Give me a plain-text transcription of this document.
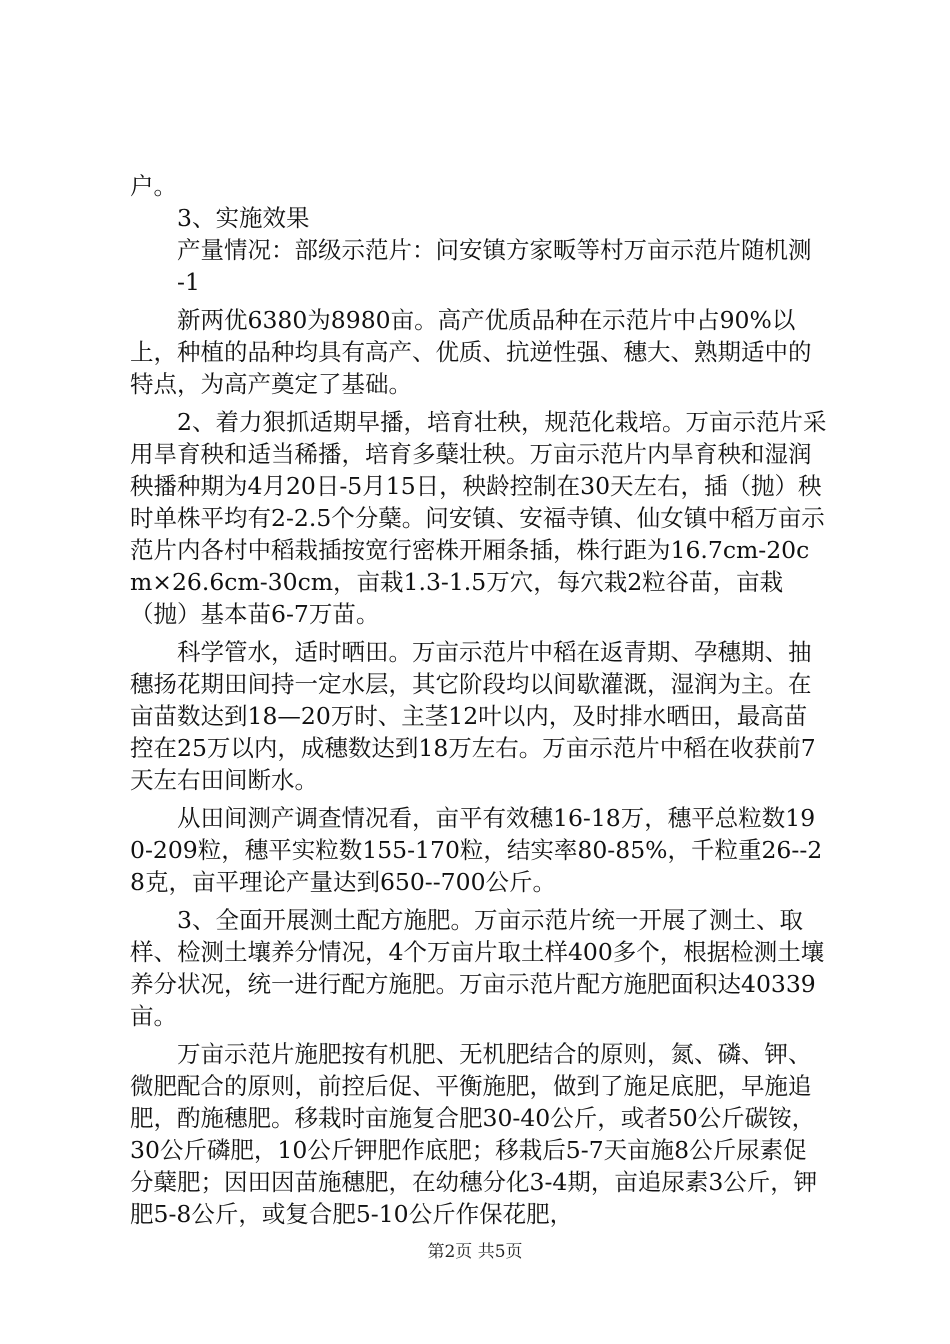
户。

3、实施效果

产量情况：部级示范片：问安镇方家畈等村万亩示范片随机测

-1

新两优6380为8980亩。高产优质品种在示范片中占90%以上，种植的品种均具有高产、优质、抗逆性强、穗大、熟期适中的特点，为高产奠定了基础。

2、着力狠抓适期早播，培育壮秧，规范化栽培。万亩示范片采用旱育秧和适当稀播，培育多蘖壮秧。万亩示范片内旱育秧和湿润秧播种期为4月20日-5月15日，秧龄控制在30天左右，插（抛）秧时单株平均有2-2.5个分蘖。问安镇、安福寺镇、仙女镇中稻万亩示范片内各村中稻栽插按宽行密株开厢条插，株行距为16.7cm-20cm×26.6cm-30cm，亩栽1.3-1.5万穴，每穴栽2粒谷苗，亩栽（抛）基本苗6-7万苗。

科学管水，适时晒田。万亩示范片中稻在返青期、孕穗期、抽穗扬花期田间持一定水层，其它阶段均以间歇灌溉，湿润为主。在亩苗数达到18—20万时、主茎12叶以内，及时排水晒田，最高苗控在25万以内，成穗数达到18万左右。万亩示范片中稻在收获前7天左右田间断水。

从田间测产调查情况看，亩平有效穗16-18万，穗平总粒数190-209粒，穗平实粒数155-170粒，结实率80-85%，千粒重26--28克，亩平理论产量达到650--700公斤。

3、全面开展测土配方施肥。万亩示范片统一开展了测土、取样、检测土壤养分情况，4个万亩片取土样400多个，根据检测土壤养分状况，统一进行配方施肥。万亩示范片配方施肥面积达40339亩。

万亩示范片施肥按有机肥、无机肥结合的原则，氮、磷、钾、微肥配合的原则，前控后促、平衡施肥，做到了施足底肥，早施追肥，酌施穗肥。移栽时亩施复合肥30-40公斤，或者50公斤碳铵，30公斤磷肥，10公斤钾肥作底肥；移栽后5-7天亩施8公斤尿素促分蘖肥；因田因苗施穗肥，在幼穗分化3-4期，亩追尿素3公斤，钾肥5-8公斤，或复合肥5-10公斤作保花肥，

第2页 共5页
